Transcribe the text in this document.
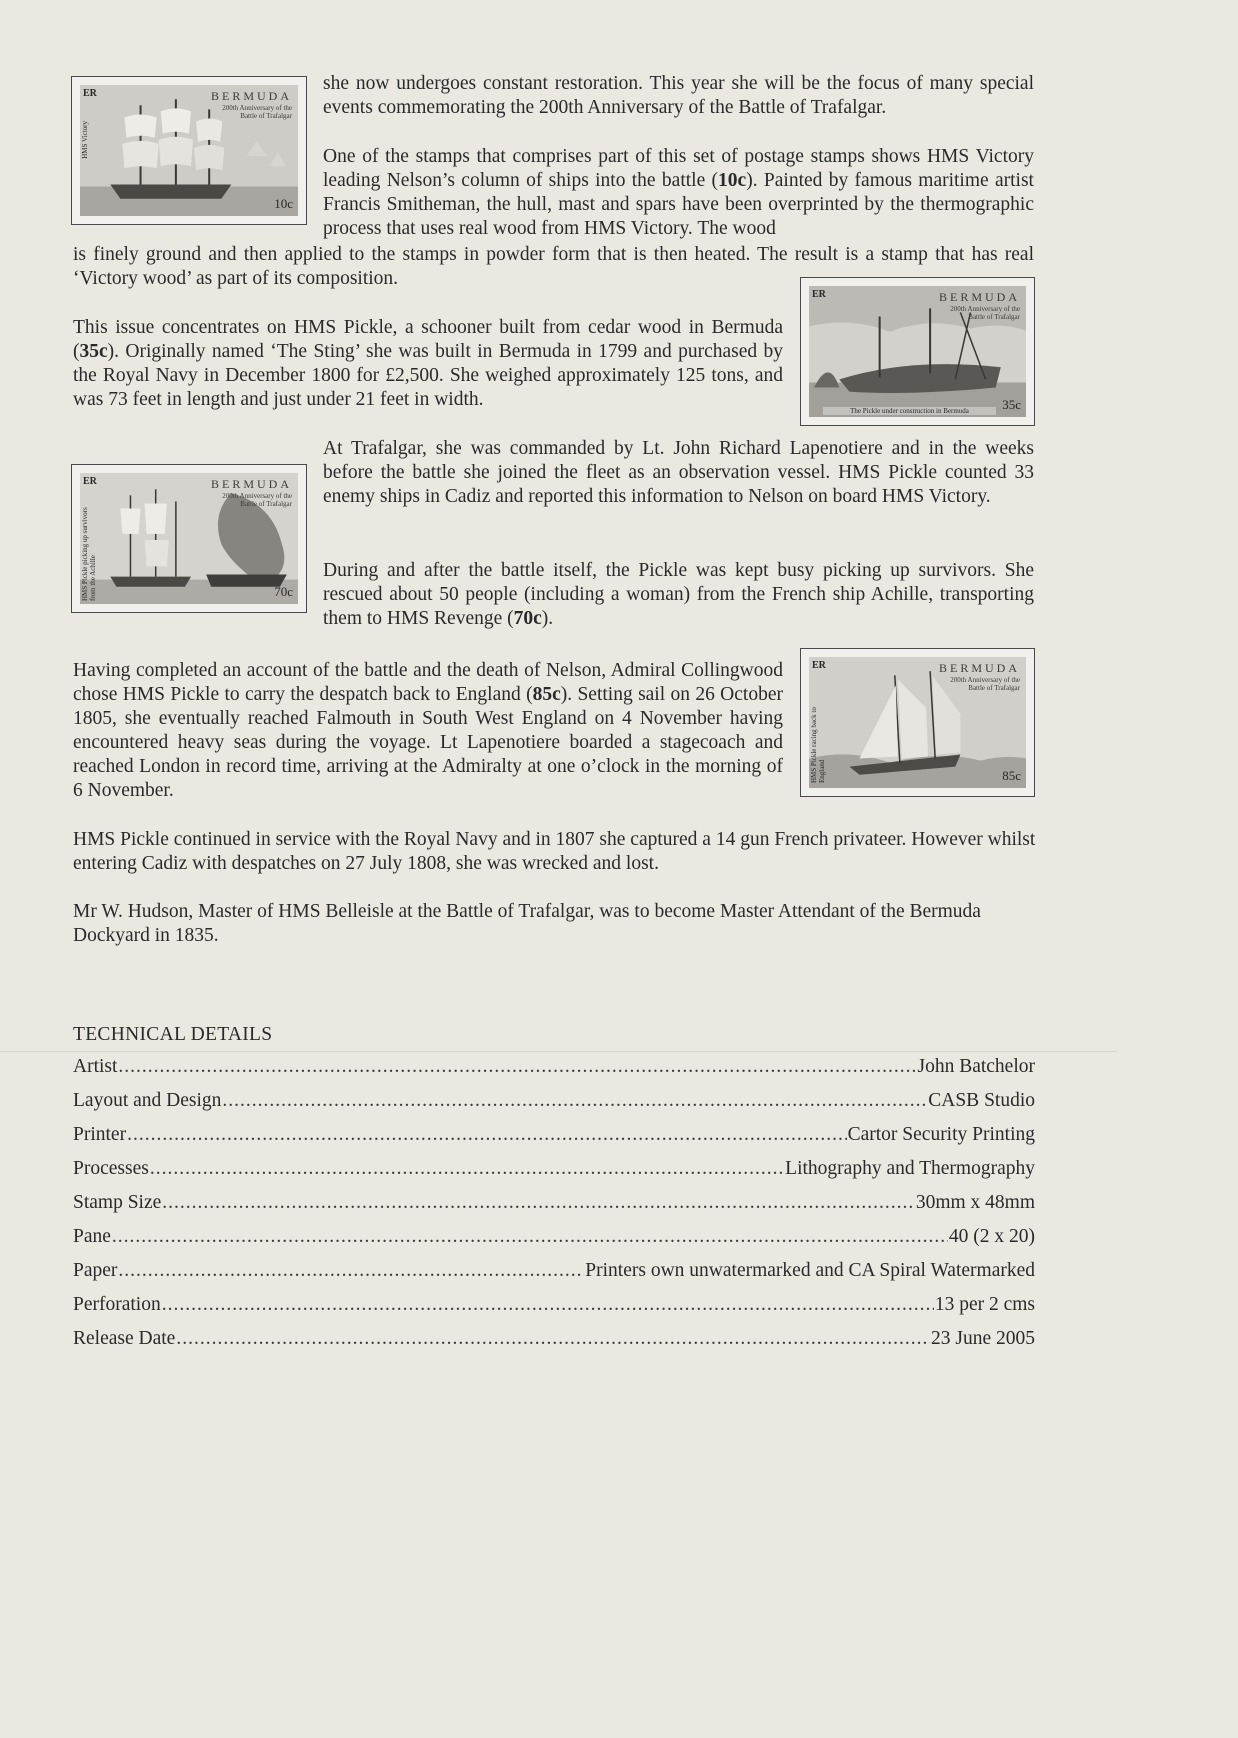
ER	BERMUDA
200th Anniversary of the Battle of Trafalgar
HMS Victory
10c

she now undergoes constant restoration. This year she will be the focus of many special events commemorating the 200th Anniversary of the Battle of Trafalgar.

One of the stamps that comprises part of this set of postage stamps shows HMS Victory leading Nelson’s column of ships into the battle (10c). Painted by famous maritime artist Francis Smitheman, the hull, mast and spars have been overprinted by the thermographic process that uses real wood from HMS Victory. The wood

is finely ground and then applied to the stamps in powder form that is then heated. The result is a stamp that has real ‘Victory wood’ as part of its composition.

ER	BERMUDA
200th Anniversary of the Battle of Trafalgar
The Pickle under construction in Bermuda	35c

This issue concentrates on HMS Pickle, a schooner built from cedar wood in Bermuda (35c). Originally named ‘The Sting’ she was built in Bermuda in 1799 and purchased by the Royal Navy in December 1800 for £2,500. She weighed approximately 125 tons, and was 73 feet in length and just under 21 feet in width.

ER	BERMUDA
200th Anniversary of the Battle of Trafalgar
HMS Pickle picking up survivors from the Achille	70c

At Trafalgar, she was commanded by Lt. John Richard Lapenotiere and in the weeks before the battle she joined the fleet as an observation vessel. HMS Pickle counted 33 enemy ships in Cadiz and reported this information to Nelson on board HMS Victory.

During and after the battle itself, the Pickle was kept busy picking up survivors. She rescued about 50 people (including a woman) from the French ship Achille, transporting them to HMS Revenge (70c).

ER	BERMUDA
200th Anniversary of the Battle of Trafalgar
HMS Pickle racing back to England	85c

Having completed an account of the battle and the death of Nelson, Admiral Collingwood chose HMS Pickle to carry the despatch back to England (85c). Setting sail on 26 October 1805, she eventually reached Falmouth in South West England on 4 November having encountered heavy seas during the voyage. Lt Lapenotiere boarded a stagecoach and reached London in record time, arriving at the Admiralty at one o’clock in the morning of 6 November.

HMS Pickle continued in service with the Royal Navy and in 1807 she captured a 14 gun French privateer. However whilst entering Cadiz with despatches on 27 July 1808, she was wrecked and lost.

Mr W. Hudson, Master of HMS Belleisle at the Battle of Trafalgar, was to become Master Attendant of the Bermuda Dockyard in 1835.

TECHNICAL DETAILS
Artist .....	John Batchelor
Layout and Design .....	CASB Studio
Printer .....	Cartor Security Printing
Processes .....	Lithography and Thermography
Stamp Size .....	30mm x 48mm
Pane .....	40 (2 x 20)
Paper .....	Printers own unwatermarked and CA Spiral Watermarked
Perforation .....	13 per 2 cms
Release Date .....	23 June 2005
